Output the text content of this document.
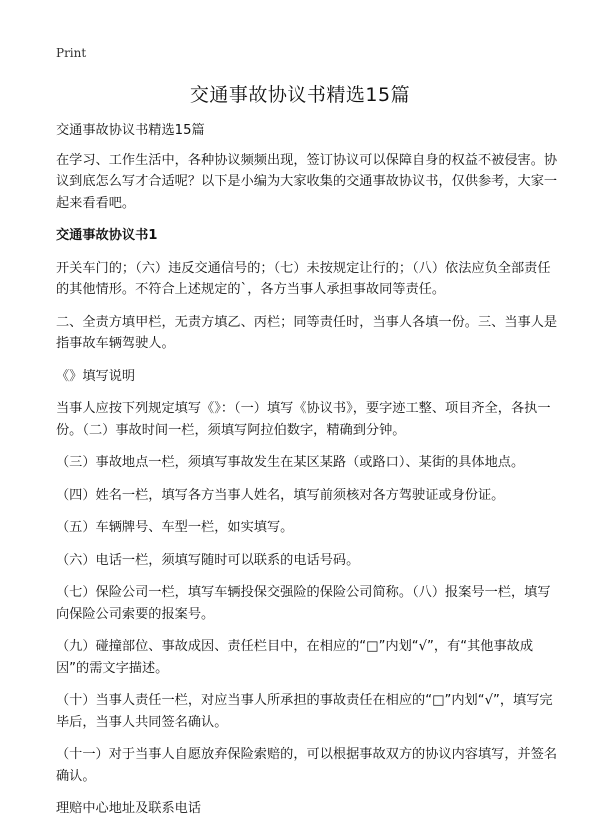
Print
交通事故协议书精选15篇

交通事故协议书精选15篇

在学习、工作生活中，各种协议频频出现，签订协议可以保障自身的权益不被侵害。协议到底怎么写才合适呢？以下是小编为大家收集的交通事故协议书，仅供参考，大家一起来看看吧。

交通事故协议书1

开关车门的；（六）违反交通信号的；（七）未按规定让行的；（八）依法应负全部责任的其他情形。不符合上述规定的`，各方当事人承担事故同等责任。

二、全责方填甲栏，无责方填乙、丙栏；同等责任时，当事人各填一份。三、当事人是指事故车辆驾驶人。

《》填写说明

当事人应按下列规定填写《》：（一）填写《协议书》，要字迹工整、项目齐全，各执一份。（二）事故时间一栏，须填写阿拉伯数字，精确到分钟。

（三）事故地点一栏，须填写事故发生在某区某路（或路口）、某街的具体地点。

（四）姓名一栏，填写各方当事人姓名，填写前须核对各方驾驶证或身份证。

（五）车辆牌号、车型一栏，如实填写。

（六）电话一栏，须填写随时可以联系的电话号码。

（七）保险公司一栏，填写车辆投保交强险的保险公司简称。（八）报案号一栏，填写向保险公司索要的报案号。

（九）碰撞部位、事故成因、责任栏目中，在相应的“□”内划“√”，有“其他事故成因”的需文字描述。

（十）当事人责任一栏，对应当事人所承担的事故责任在相应的“□”内划“√”，填写完毕后，当事人共同签名确认。

（十一）对于当事人自愿放弃保险索赔的，可以根据事故双方的协议内容填写，并签名确认。

理赔中心地址及联系电话
